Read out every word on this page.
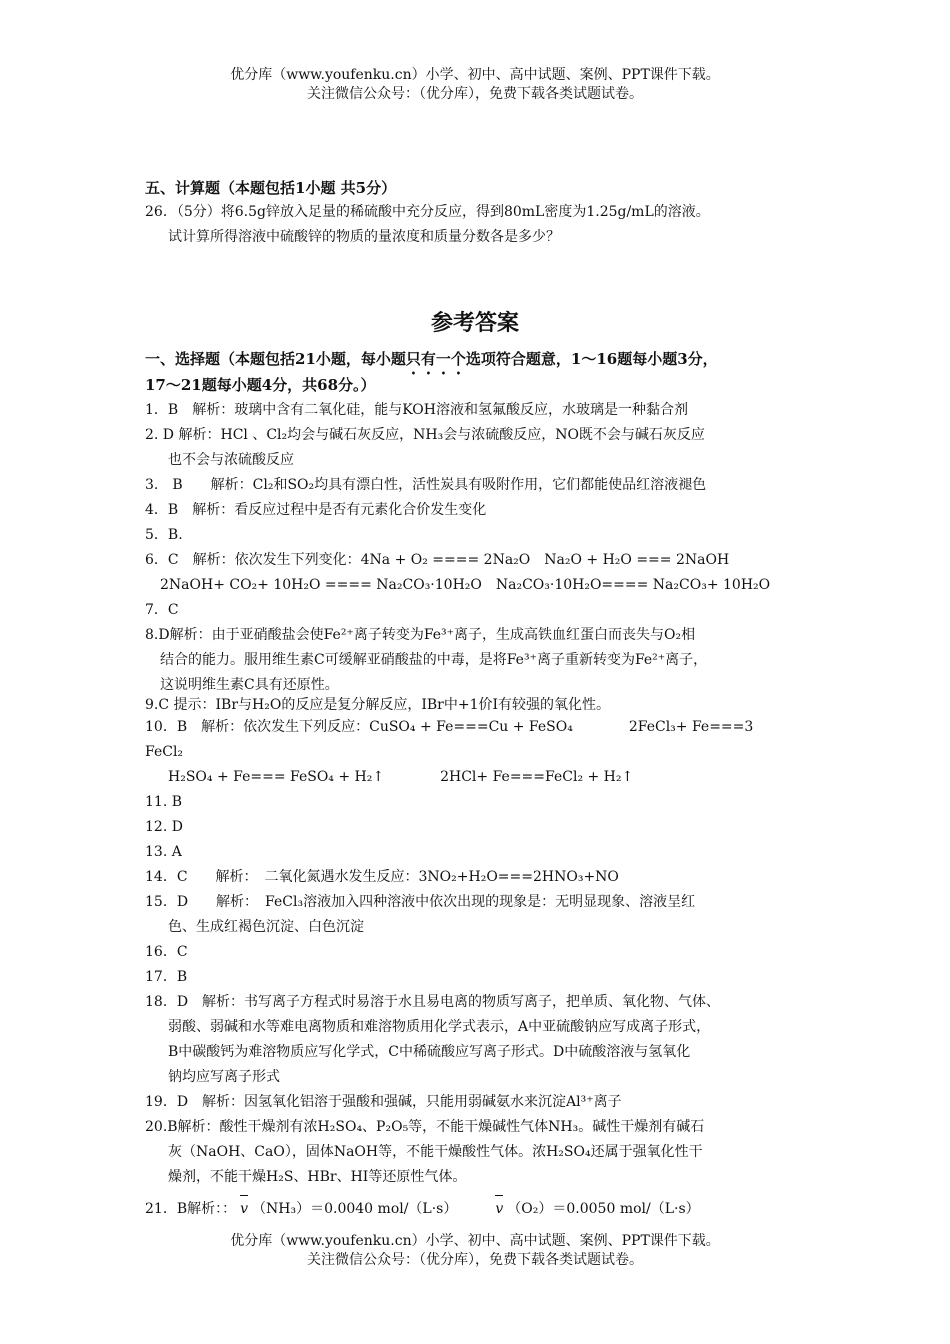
优分库（www.youfenku.cn）小学、初中、高中试题、案例、PPT课件下载。
关注微信公众号：（优分库），免费下载各类试题试卷。
五、计算题（本题包括1小题 共5分）
26．（5分）将6.5g锌放入足量的稀硫酸中充分反应，得到80mL密度为1.25g/mL的溶液。
试计算所得溶液中硫酸锌的物质的量浓度和质量分数各是多少？
参考答案
一、选择题（本题包括21小题，每小题只有一个选项符合题意，1～16题每小题3分，
17～21题每小题4分，共68分。）
1．B　解析：玻璃中含有二氧化硅，能与KOH溶液和氢氟酸反应，水玻璃是一种黏合剂
2. D 解析：HCl 、Cl₂均会与碱石灰反应，NH₃会与浓硫酸反应，NO既不会与碱石灰反应
也不会与浓硫酸反应
3.　B　　解析：Cl₂和SO₂均具有漂白性，活性炭具有吸附作用，它们都能使品红溶液褪色
4．B　解析：看反应过程中是否有元素化合价发生变化
5．B.
6．C　解析：依次发生下列变化：4Na + O₂ ==== 2Na₂O　Na₂O + H₂O === 2NaOH
2NaOH+ CO₂+ 10H₂O ==== Na₂CO₃·10H₂O　Na₂CO₃·10H₂O==== Na₂CO₃+ 10H₂O
7．C
8.D解析：由于亚硝酸盐会使Fe²⁺离子转变为Fe³⁺离子，生成高铁血红蛋白而丧失与O₂相
结合的能力。服用维生素C可缓解亚硝酸盐的中毒，是将Fe³⁺离子重新转变为Fe²⁺离子，
这说明维生素C具有还原性。
9.C 提示：IBr与H₂O的反应是复分解反应，IBr中+1价I有较强的氧化性。
10．B　解析：依次发生下列反应：CuSO₄ + Fe===Cu + FeSO₄　　　　2FeCl₃+ Fe===3
FeCl₂
H₂SO₄ + Fe=== FeSO₄ + H₂↑　　　　2HCl+ Fe===FeCl₂ + H₂↑
11. B
12. D
13. A
14．C　　解析：　二氧化氮遇水发生反应：3NO₂+H₂O===2HNO₃+NO
15．D　　解析：　FeCl₃溶液加入四种溶液中依次出现的现象是：无明显现象、溶液呈红
色、生成红褐色沉淀、白色沉淀
16．C
17．B
18．D　解析：书写离子方程式时易溶于水且易电离的物质写离子，把单质、氧化物、气体、
弱酸、弱碱和水等难电离物质和难溶物质用化学式表示，A中亚硫酸钠应写成离子形式，
B中碳酸钙为难溶物质应写化学式，C中稀硫酸应写离子形式。D中硫酸溶液与氢氧化
钠均应写离子形式
19．D　解析：因氢氧化铝溶于强酸和强碱，只能用弱碱氨水来沉淀Al³⁺离子
20.B解析：酸性干燥剂有浓H₂SO₄、P₂O₅等，不能干燥碱性气体NH₃。碱性干燥剂有碱石
灰（NaOH、CaO），固体NaOH等，不能干燥酸性气体。浓H₂SO₄还属于强氧化性干
燥剂，不能干燥H₂S、HBr、HI等还原性气体。
21．B解析：： v （NH₃）＝0.0040 mol/（L·s）	v （O₂）＝0.0050 mol/（L·s）
优分库（www.youfenku.cn）小学、初中、高中试题、案例、PPT课件下载。
关注微信公众号：（优分库），免费下载各类试题试卷。
